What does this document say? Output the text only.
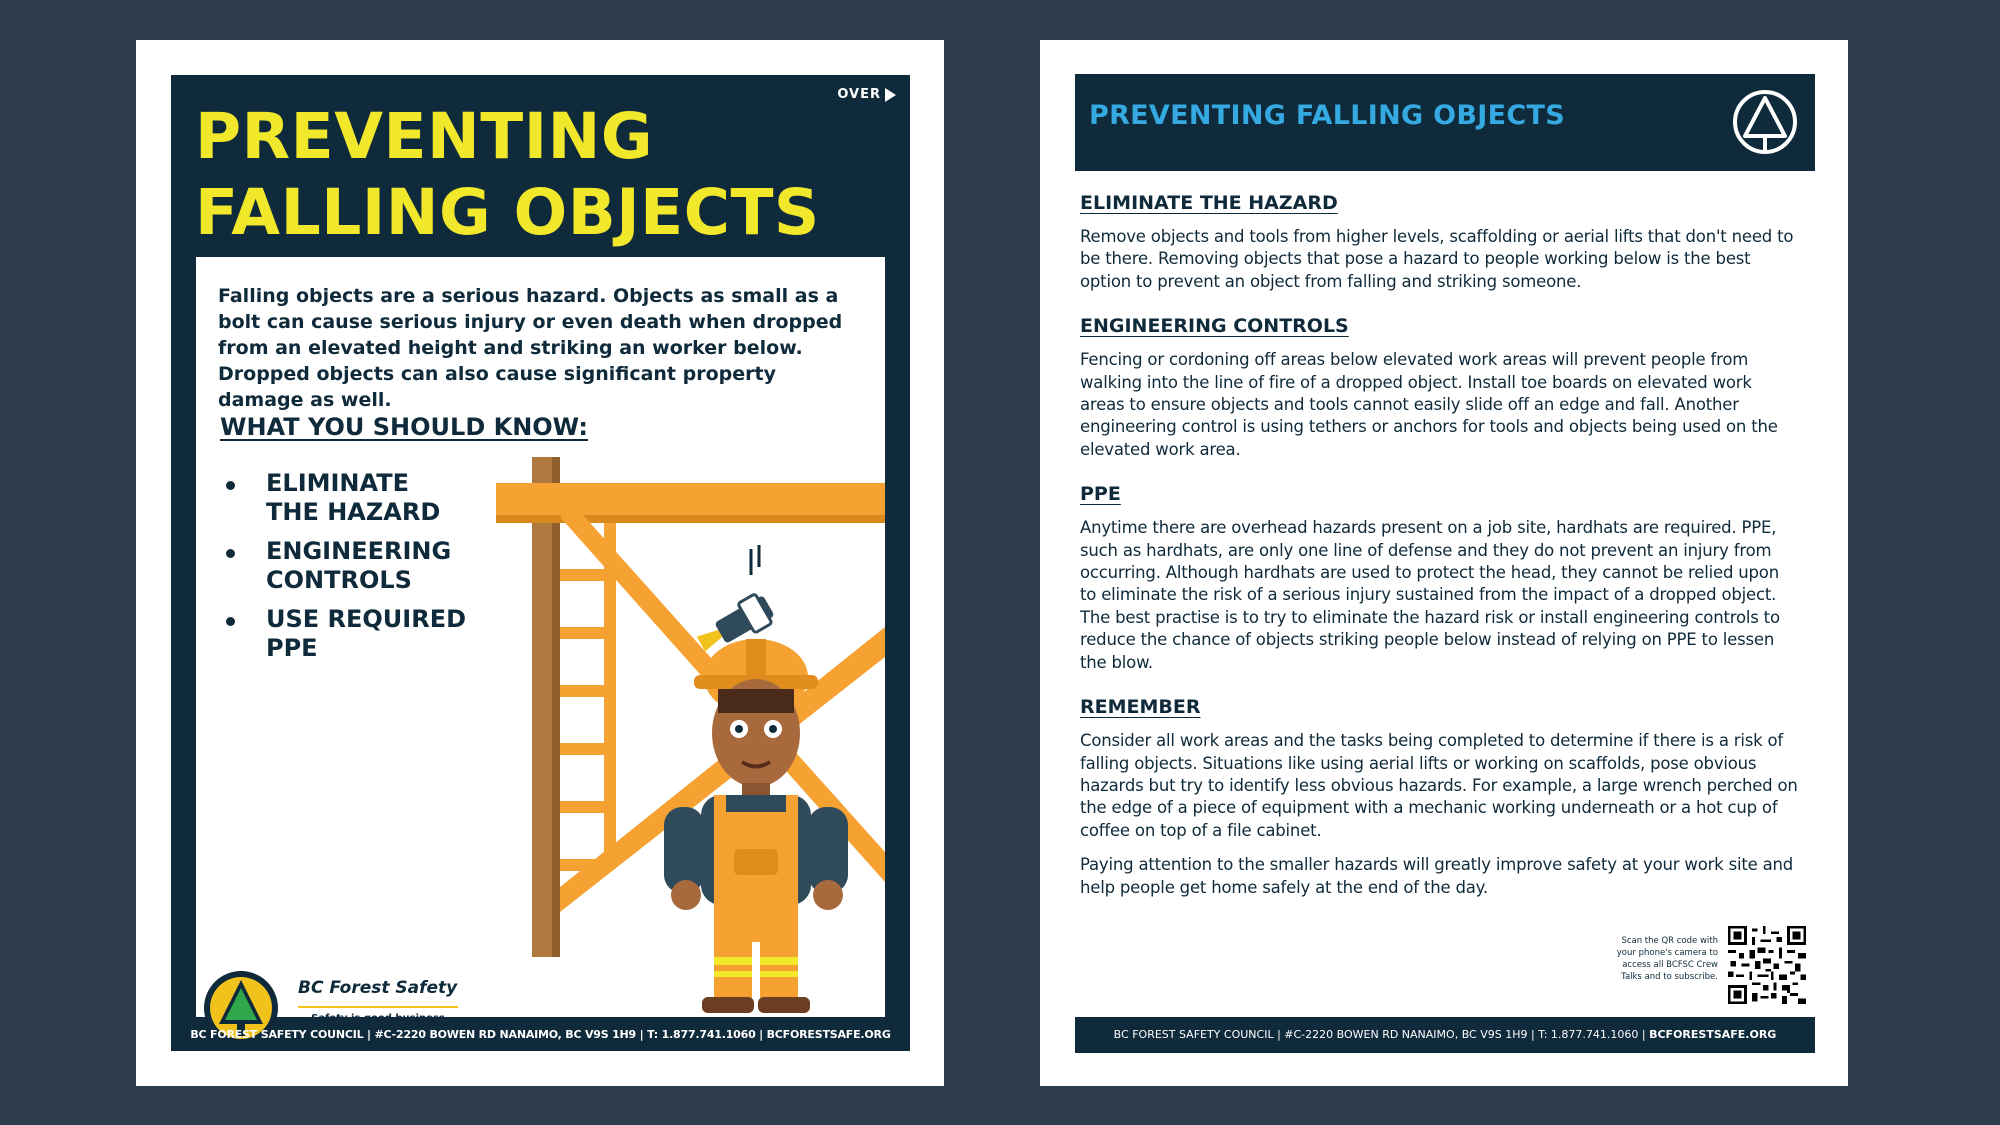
OVER
PREVENTING
FALLING OBJECTS

Falling objects are a serious hazard. Objects as small as a bolt can cause serious injury or even death when dropped from an elevated height and striking an worker below. Dropped objects can also cause significant property damage as well.

WHAT YOU SHOULD KNOW:
ELIMINATE THE HAZARD
ENGINEERING CONTROLS
USE REQUIRED PPE
BC Forest Safety
Safety is good business
BC FOREST SAFETY COUNCIL | #C-2220 BOWEN RD NANAIMO, BC V9S 1H9 | T: 1.877.741.1060 | BCFORESTSAFE.ORG
PREVENTING FALLING OBJECTS
ELIMINATE THE HAZARD

Remove objects and tools from higher levels, scaffolding or aerial lifts that don't need to be there. Removing objects that pose a hazard to people working below is the best option to prevent an object from falling and striking someone.

ENGINEERING CONTROLS

Fencing or cordoning off areas below elevated work areas will prevent people from walking into the line of fire of a dropped object. Install toe boards on elevated work areas to ensure objects and tools cannot easily slide off an edge and fall. Another engineering control is using tethers or anchors for tools and objects being used on the elevated work area.

PPE

Anytime there are overhead hazards present on a job site, hardhats are required. PPE, such as hardhats, are only one line of defense and they do not prevent an injury from occurring. Although hardhats are used to protect the head, they cannot be relied upon to eliminate the risk of a serious injury sustained from the impact of a dropped object. The best practise is to try to eliminate the hazard risk or install engineering controls to reduce the chance of objects striking people below instead of relying on PPE to lessen the blow.

REMEMBER

Consider all work areas and the tasks being completed to determine if there is a risk of falling objects. Situations like using aerial lifts or working on scaffolds, pose obvious hazards but try to identify less obvious hazards. For example, a large wrench perched on the edge of a piece of equipment with a mechanic working underneath or a hot cup of coffee on top of a file cabinet.

Paying attention to the smaller hazards will greatly improve safety at your work site and help people get home safely at the end of the day.

Scan the QR code with your phone's camera to access all BCFSC Crew Talks and to subscribe.
BC FOREST SAFETY COUNCIL | #C-2220 BOWEN RD NANAIMO, BC V9S 1H9 | T: 1.877.741.1060 | BCFORESTSAFE.ORG
